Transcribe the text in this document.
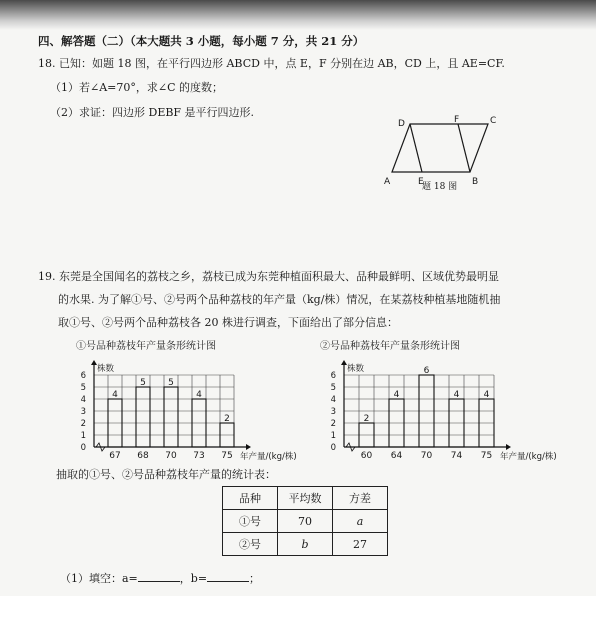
四、解答题（二）（本大题共 3 小题，每小题 7 分，共 21 分）
18. 已知：如题 18 图，在平行四边形 ABCD 中，点 E，F 分别在边 AB，CD 上，且 AE=CF.
（1）若∠A=70°，求∠C 的度数；
（2）求证：四边形 DEBF 是平行四边形.
D	F	C
A	E	B
题 18 图
19. 东莞是全国闻名的荔枝之乡，荔枝已成为东莞种植面积最大、品种最鲜明、区域优势最明显
的水果. 为了解①号、②号两个品种荔枝的年产量（kg/株）情况，在某荔枝种植基地随机抽
取①号、②号两个品种荔枝各 20 株进行调查，下面给出了部分信息：
①号品种荔枝年产量条形统计图	②号品种荔枝年产量条形统计图
0
1
2
3
4
5
6
株数
年产量/(kg/株)
4
67
5
68
5
70
4
73
2
75
0
1
2
3
4
5
6
株数
年产量/(kg/株)
2
60
4
64
6
70
4
74
4
75
抽取的①号、②号品种荔枝年产量的统计表：
品种	平均数	方差
①号	70	a
②号	b	27
（1）填空：a=	，b=	；
